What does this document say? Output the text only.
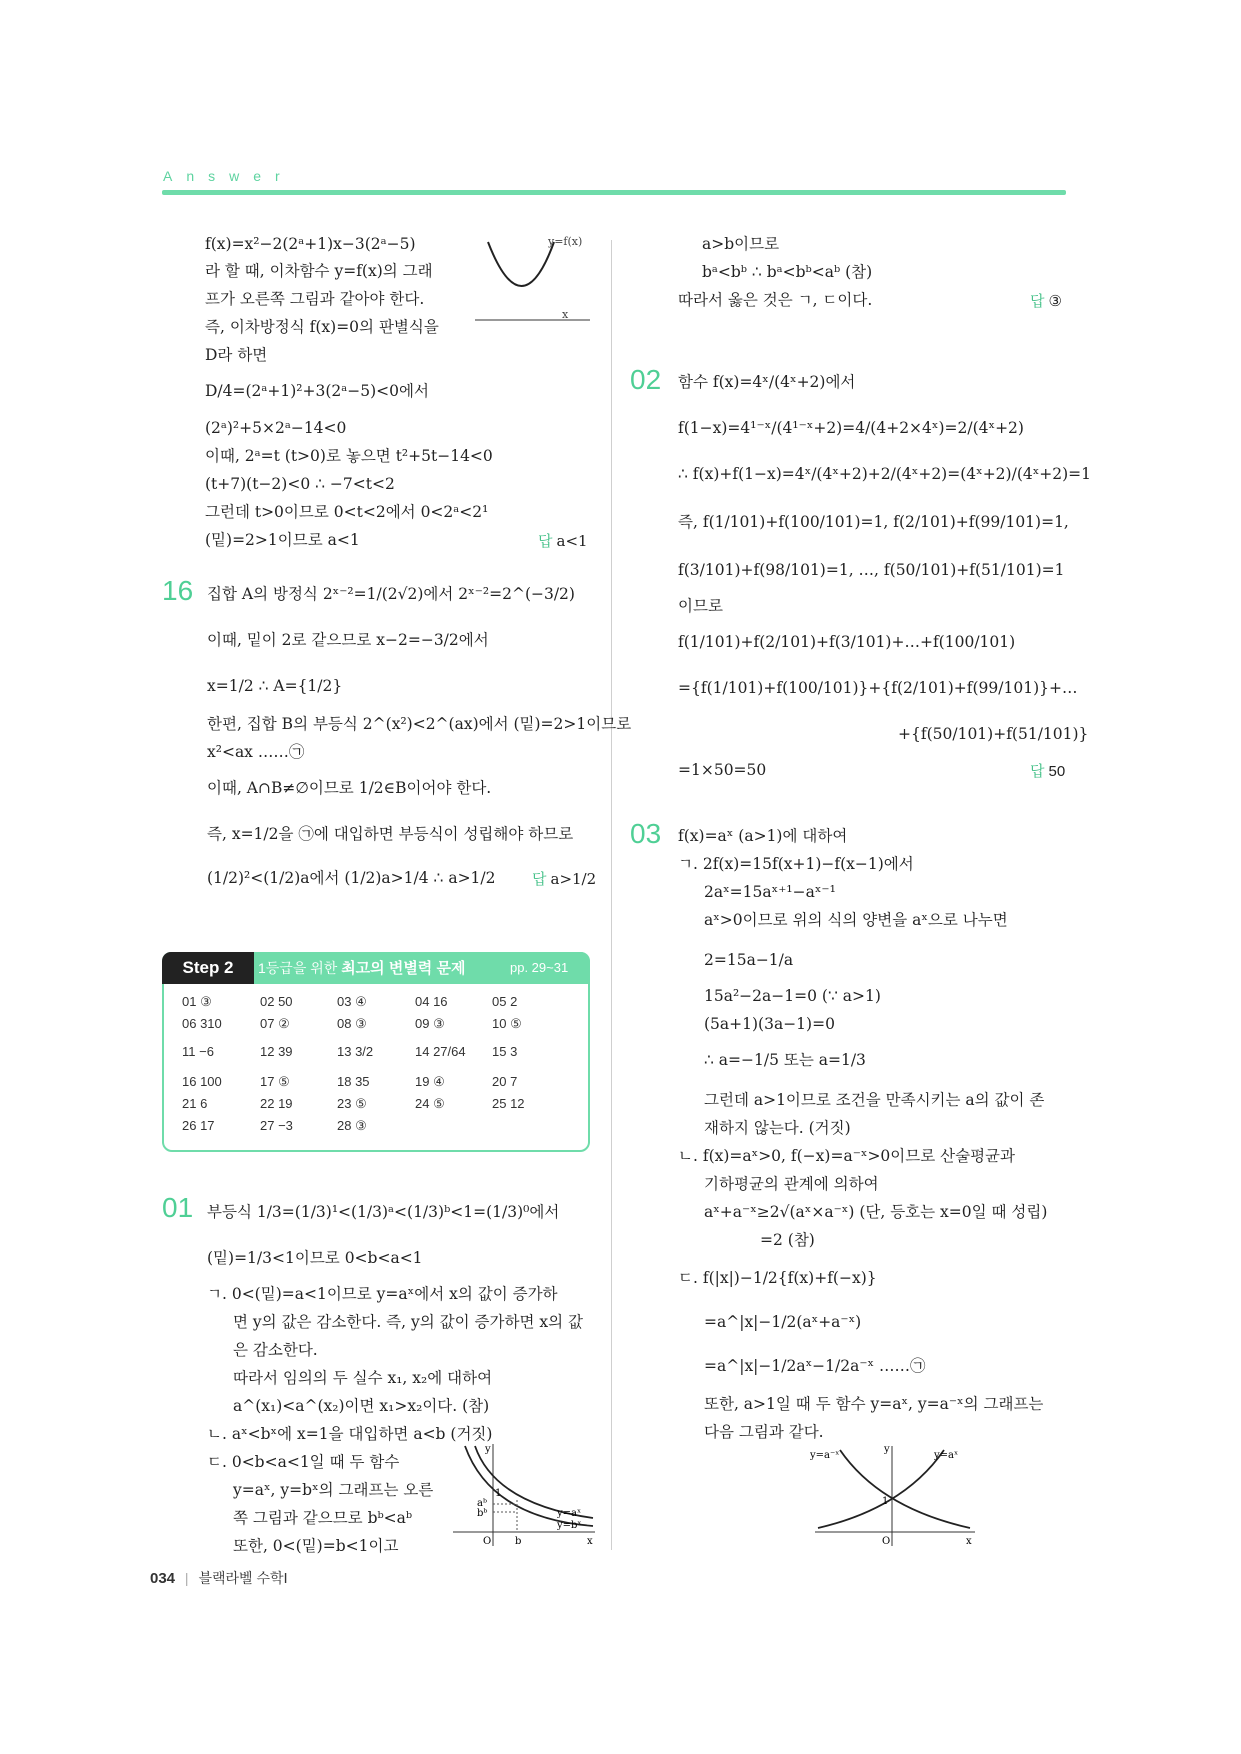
Answer
f(x)=x²−2(2ᵃ+1)x−3(2ᵃ−5)
라 할 때, 이차함수 y=f(x)의 그래
프가 오른쪽 그림과 같아야 한다.
즉, 이차방정식 f(x)=0의 판별식을
D라 하면
D/4=(2ᵃ+1)²+3(2ᵃ−5)<0에서
(2ᵃ)²+5×2ᵃ−14<0
이때, 2ᵃ=t (t>0)로 놓으면 t²+5t−14<0
(t+7)(t−2)<0 ∴ −7<t<2
그런데 t>0이므로 0<t<2에서 0<2ᵃ<2¹
(밑)=2>1이므로 a<1	답 a<1
y=f(x)
x
16 집합 A의 방정식 2ˣ⁻²=1/(2√2)에서 2ˣ⁻²=2^(−3/2)
이때, 밑이 2로 같으므로 x−2=−3/2에서
x=1/2 ∴ A={1/2}
한편, 집합 B의 부등식 2^(x²)<2^(ax)에서 (밑)=2>1이므로
x²<ax ……㉠
이때, A∩B≠∅이므로 1/2∈B이어야 한다.
즉, x=1/2을 ㉠에 대입하면 부등식이 성립해야 하므로
(1/2)²<(1/2)a에서 (1/2)a>1/4 ∴ a>1/2 답 a>1/2
Step 2	1등급을 위한 최고의 변별력 문제	pp. 29~31
01 ③	02 50	03 ④	04 16	05 2
06 310	07 ②	08 ③	09 ③	10 ⑤
11 −6	12 39	13 3/2	14 27/64 15 3
16 100	17 ⑤	18 35	19 ④	20 7
21 6	22 19	23 ⑤	24 ⑤	25 12
26 17	27 −3	28 ③
01 부등식 1/3=(1/3)¹<(1/3)ᵃ<(1/3)ᵇ<1=(1/3)⁰에서
(밑)=1/3<1이므로 0<b<a<1
ㄱ. 0<(밑)=a<1이므로 y=aˣ에서 x의 값이 증가하
면 y의 값은 감소한다. 즉, y의 값이 증가하면 x의 값
은 감소한다.
따라서 임의의 두 실수 x₁, x₂에 대하여
a^(x₁)<a^(x₂)이면 x₁>x₂이다. (참)
ㄴ. aˣ<bˣ에 x=1을 대입하면 a<b (거짓)
ㄷ. 0<b<a<1일 때 두 함수
y=aˣ, y=bˣ의 그래프는 오른
쪽 그림과 같으므로 bᵇ<aᵇ
또한, 0<(밑)=b<1이고
y
1
aᵇ
bᵇ	y=aˣ
y=bˣ
O b	x
a>b이므로
bᵃ<bᵇ ∴ bᵃ<bᵇ<aᵇ (참)
따라서 옳은 것은 ㄱ, ㄷ이다.	답 ③
02 함수 f(x)=4ˣ/(4ˣ+2)에서
f(1−x)=4¹⁻ˣ/(4¹⁻ˣ+2)=4/(4+2×4ˣ)=2/(4ˣ+2)
∴ f(x)+f(1−x)=4ˣ/(4ˣ+2)+2/(4ˣ+2)=(4ˣ+2)/(4ˣ+2)=1
즉, f(1/101)+f(100/101)=1, f(2/101)+f(99/101)=1,
f(3/101)+f(98/101)=1, …, f(50/101)+f(51/101)=1
이므로
f(1/101)+f(2/101)+f(3/101)+…+f(100/101)
={f(1/101)+f(100/101)}+{f(2/101)+f(99/101)}+…
+{f(50/101)+f(51/101)}
=1×50=50	답 50
03 f(x)=aˣ (a>1)에 대하여
ㄱ. 2f(x)=15f(x+1)−f(x−1)에서
2aˣ=15aˣ⁺¹−aˣ⁻¹
aˣ>0이므로 위의 식의 양변을 aˣ으로 나누면
2=15a−1/a
15a²−2a−1=0 (∵ a>1)
(5a+1)(3a−1)=0
∴ a=−1/5 또는 a=1/3
그런데 a>1이므로 조건을 만족시키는 a의 값이 존
재하지 않는다. (거짓)
ㄴ. f(x)=aˣ>0, f(−x)=a⁻ˣ>0이므로 산술평균과
기하평균의 관계에 의하여
aˣ+a⁻ˣ≥2√(aˣ×a⁻ˣ) (단, 등호는 x=0일 때 성립)
=2 (참)
ㄷ. f(|x|)−1/2{f(x)+f(−x)}
=a^|x|−1/2(aˣ+a⁻ˣ)
=a^|x|−1/2aˣ−1/2a⁻ˣ ……㉠
또한, a>1일 때 두 함수 y=aˣ, y=a⁻ˣ의 그래프는
다음 그림과 같다.
y=a⁻ˣ
y
y=aˣ
1
O	x
034 | 블랙라벨 수학Ⅰ
